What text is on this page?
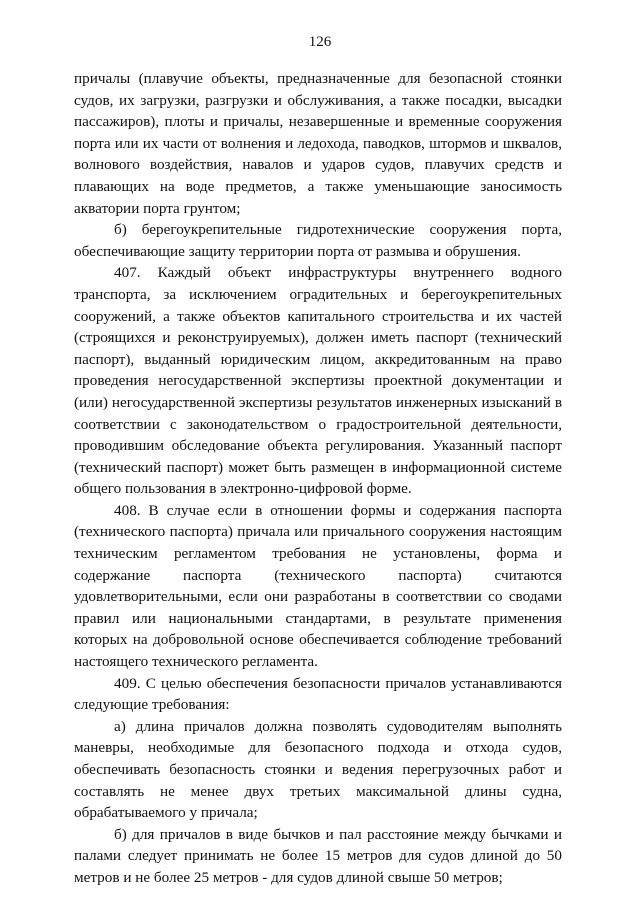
126

причалы (плавучие объекты, предназначенные для безопасной стоянки судов, их загрузки, разгрузки и обслуживания, а также посадки, высадки пассажиров), плоты и причалы, незавершенные и временные сооружения порта или их части от волнения и ледохода, паводков, штормов и шквалов, волнового воздействия, навалов и ударов судов, плавучих средств и плавающих на воде предметов, а также уменьшающие заносимость акватории порта грунтом;

б) берегоукрепительные гидротехнические сооружения порта, обеспечивающие защиту территории порта от размыва и обрушения.

407. Каждый объект инфраструктуры внутреннего водного транспорта, за исключением оградительных и берегоукрепительных сооружений, а также объектов капитального строительства и их частей (строящихся и реконструируемых), должен иметь паспорт (технический паспорт), выданный юридическим лицом, аккредитованным на право проведения негосударственной экспертизы проектной документации и (или) негосударственной экспертизы результатов инженерных изысканий в соответствии с законодательством о градостроительной деятельности, проводившим обследование объекта регулирования. Указанный паспорт (технический паспорт) может быть размещен в информационной системе общего пользования в электронно-цифровой форме.

408. В случае если в отношении формы и содержания паспорта (технического паспорта) причала или причального сооружения настоящим техническим регламентом требования не установлены, форма и содержание паспорта (технического паспорта) считаются удовлетворительными, если они разработаны в соответствии со сводами правил или национальными стандартами, в результате применения которых на добровольной основе обеспечивается соблюдение требований настоящего технического регламента.

409. С целью обеспечения безопасности причалов устанавливаются следующие требования:

а) длина причалов должна позволять судоводителям выполнять маневры, необходимые для безопасного подхода и отхода судов, обеспечивать безопасность стоянки и ведения перегрузочных работ и составлять не менее двух третьих максимальной длины судна, обрабатываемого у причала;

б) для причалов в виде бычков и пал расстояние между бычками и палами следует принимать не более 15 метров для судов длиной до 50 метров и не более 25 метров - для судов длиной свыше 50 метров;
